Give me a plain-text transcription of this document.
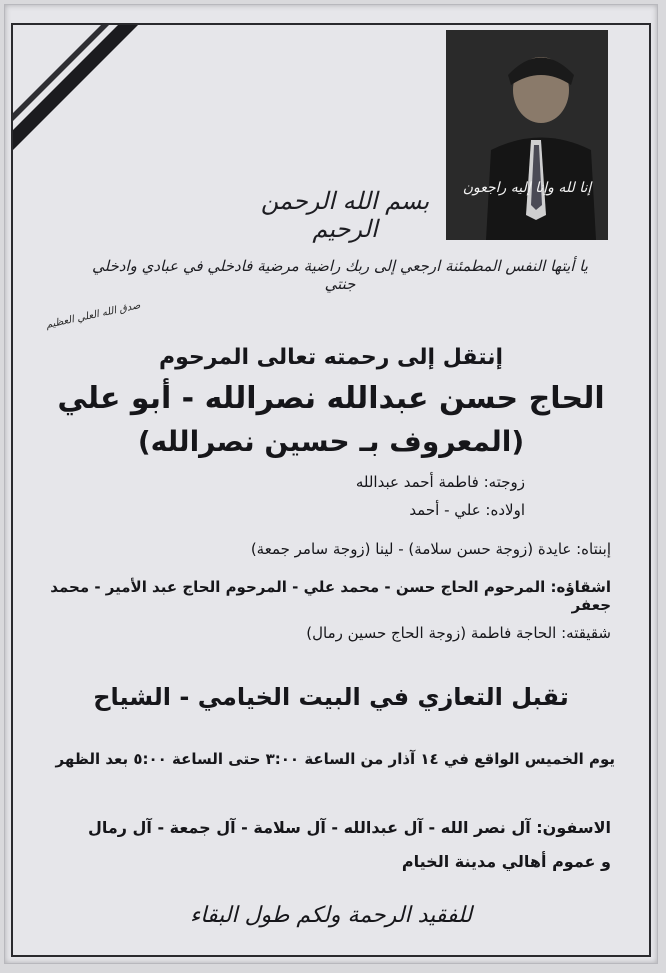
إنا لله وإنا إليه راجعون
بسم الله الرحمن الرحيم
يا أيتها النفس المطمئنة ارجعي إلى ربك راضية مرضية فادخلي في عبادي وادخلي جنتي
صدق الله العلي العظيم
إنتقل إلى رحمته تعالى المرحوم
الحاج حسن عبدالله نصرالله - أبو علي
(المعروف بـ حسين نصرالله)
زوجته: فاطمة أحمد عبدالله
اولاده: علي - أحمد
إبنتاه: عايدة (زوجة حسن سلامة) - لينا (زوجة سامر جمعة)
اشقاؤه: المرحوم الحاج حسن - محمد علي - المرحوم الحاج عبد الأمير - محمد جعفر
شقيقته: الحاجة فاطمة (زوجة الحاج حسين رمال)
تقبل التعازي في البيت الخيامي - الشياح
يوم الخميس الواقع في ١٤ آذار من الساعة ٣:٠٠ حتى الساعة ٥:٠٠ بعد الظهر
الاسفون: آل نصر الله - آل عبدالله - آل سلامة - آل جمعة - آل رمال
و عموم أهالي مدينة الخيام
للفقيد الرحمة ولكم طول البقاء
